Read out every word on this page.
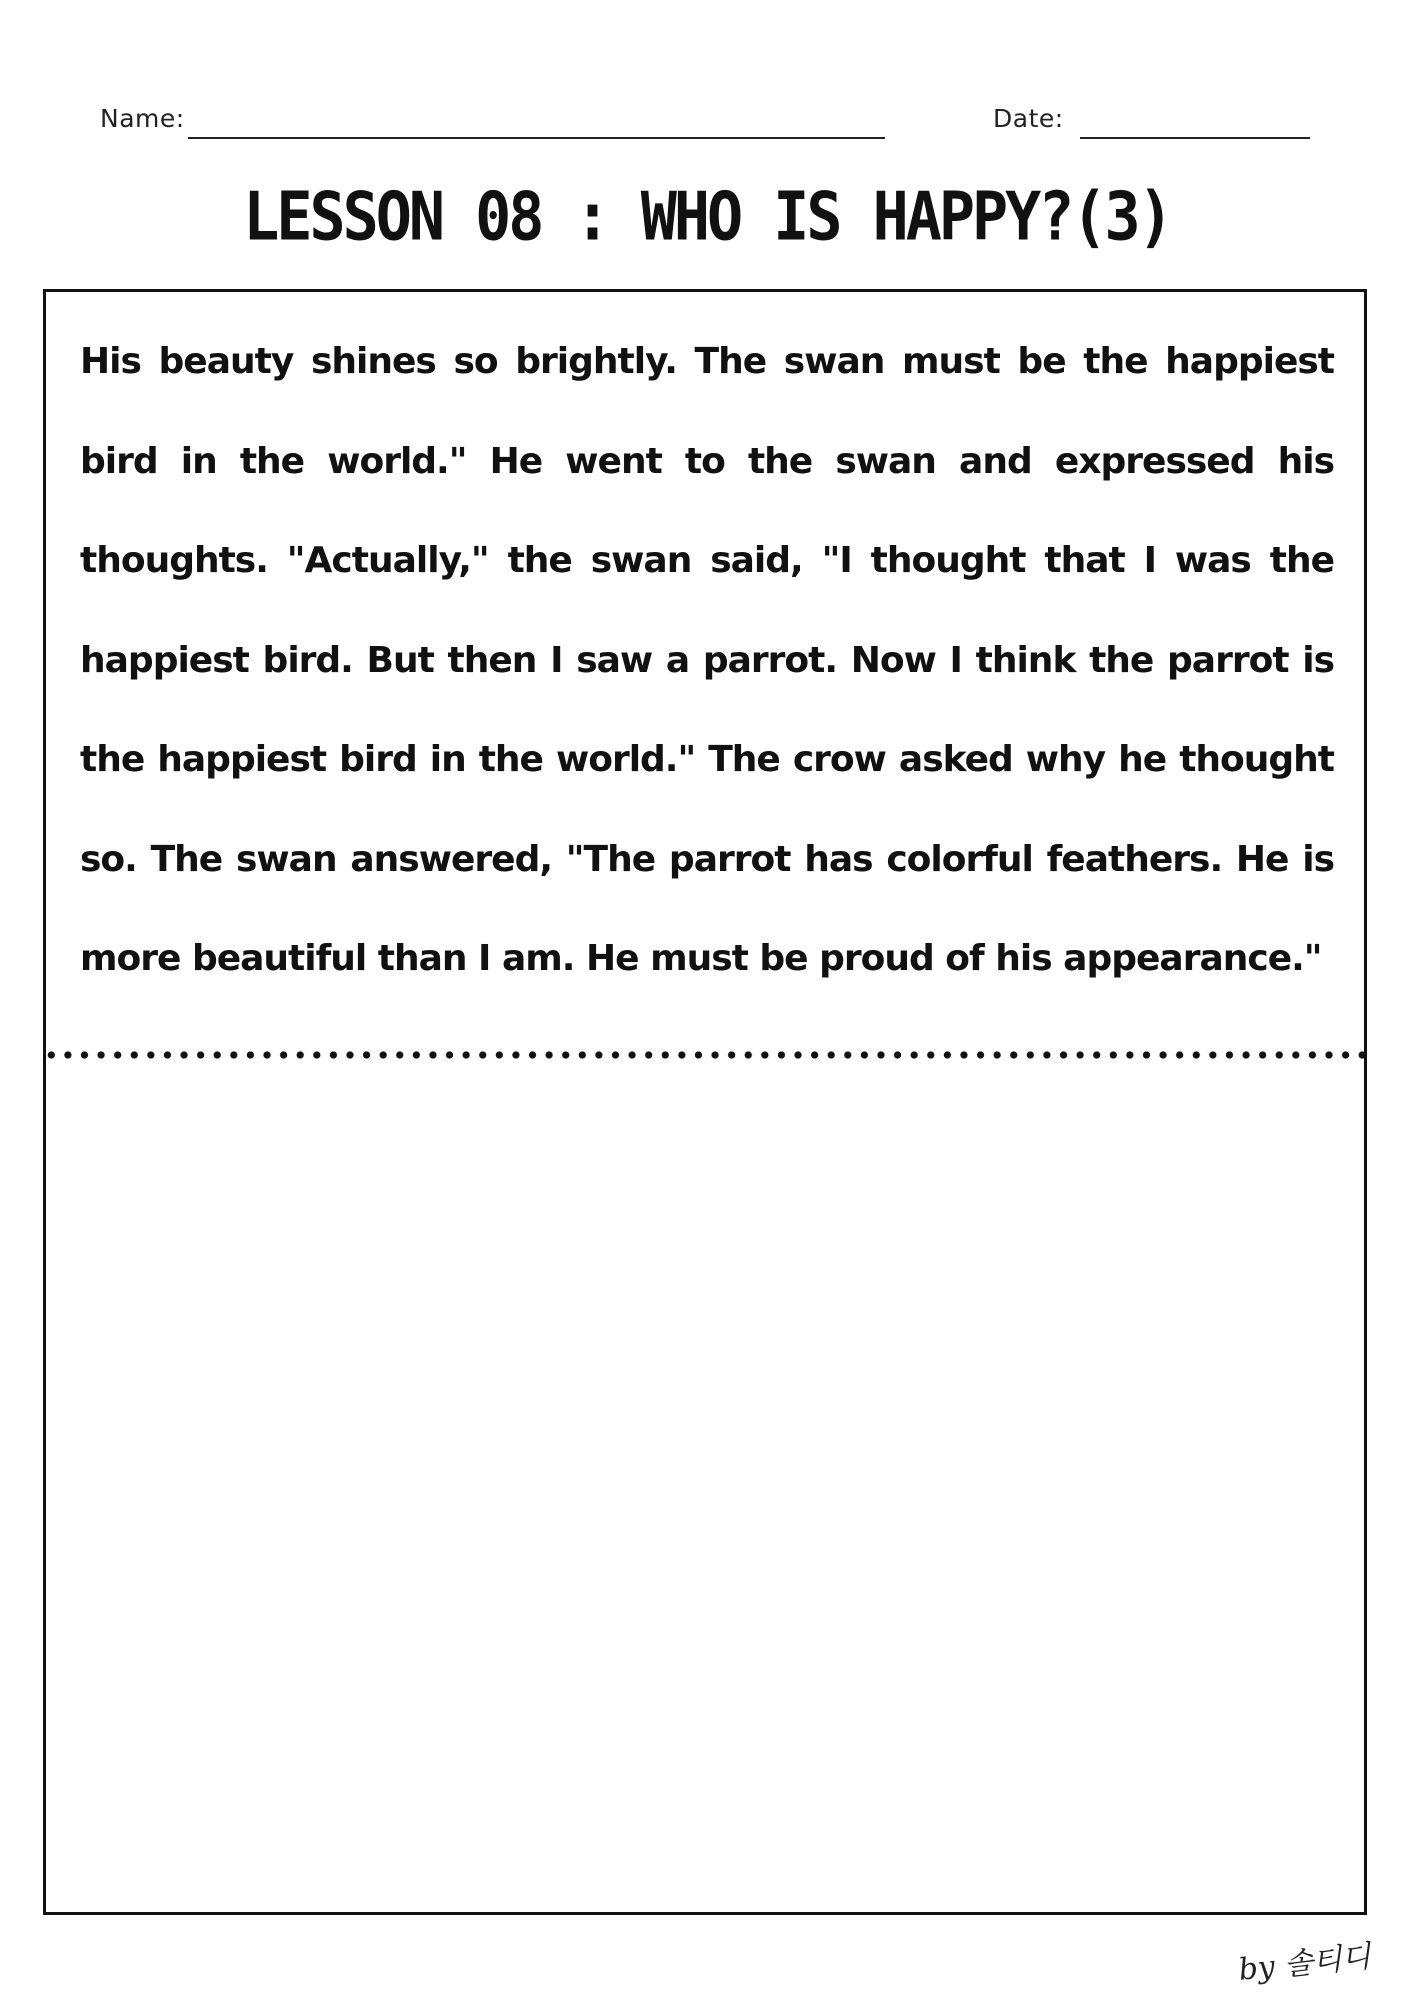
Name:	Date:
LESSON 08 : WHO IS HAPPY?(3)

His beauty shines so brightly. The swan must be the happiest bird in the world." He went to the swan and expressed his thoughts. "Actually," the swan said, "I thought that I was the happiest bird. But then I saw a parrot. Now I think the parrot is the happiest bird in the world." The crow asked why he thought so. The swan answered, "The parrot has colorful feathers. He is more beautiful than I am. He must be proud of his appearance."

by 솔티디
